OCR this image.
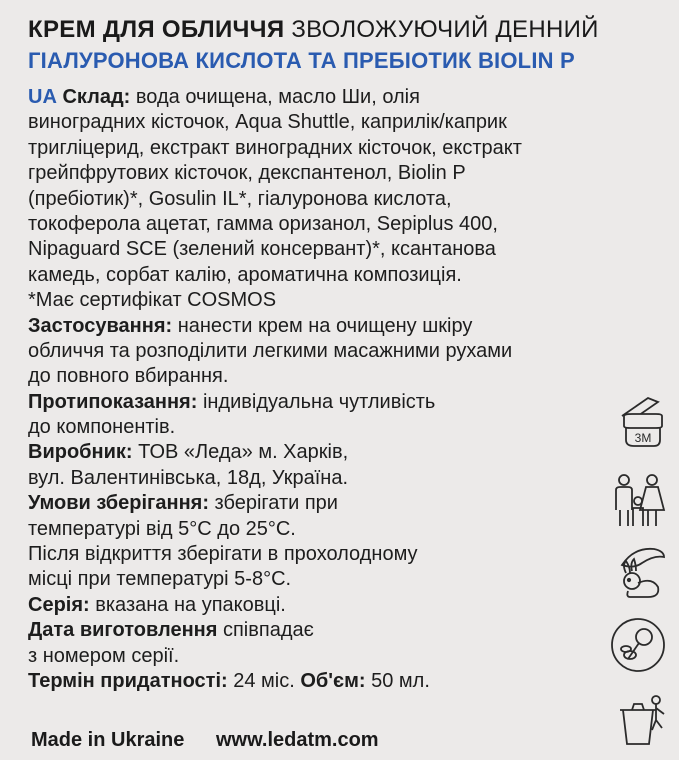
КРЕМ ДЛЯ ОБЛИЧЧЯ ЗВОЛОЖУЮЧИЙ ДЕННИЙ
ГІАЛУРОНОВА КИСЛОТА ТА ПРЕБІОТИК BIOLIN P
UA Склад: вода очищена, масло Ши, олія
виноградних кісточок, Aqua Shuttle, каприлік/каприк
тригліцерид, екстракт виноградних кісточок, екстракт
грейпфрутових кісточок, декспантенол, Biolin P
(пребіотик)*, Gosulin IL*, гіалуронова кислота,
токоферола ацетат, гамма оризанол, Sepiplus 400,
Nipaguard SCE (зелений консервант)*, ксантанова
камедь, сорбат калію, ароматична композиція.
*Має сертифікат COSMOS
Застосування: нанести крем на очищену шкіру
обличчя та розподілити легкими масажними рухами
до повного вбирання.
Протипоказання: індивідуальна чутливість
до компонентів.
Виробник: ТОВ «Леда» м. Харків,
вул. Валентинівська, 18д, Україна.
Умови зберігання: зберігати при
температурі від 5°С до 25°С.
Після відкриття зберігати в прохолодному
місці при температурі 5-8°С.
Серія: вказана на упаковці.
Дата виготовлення співпадає
з номером серії.
Термін придатності: 24 міс. Об'єм: 50 мл.
Made in Ukraine www.ledatm.com
3M
